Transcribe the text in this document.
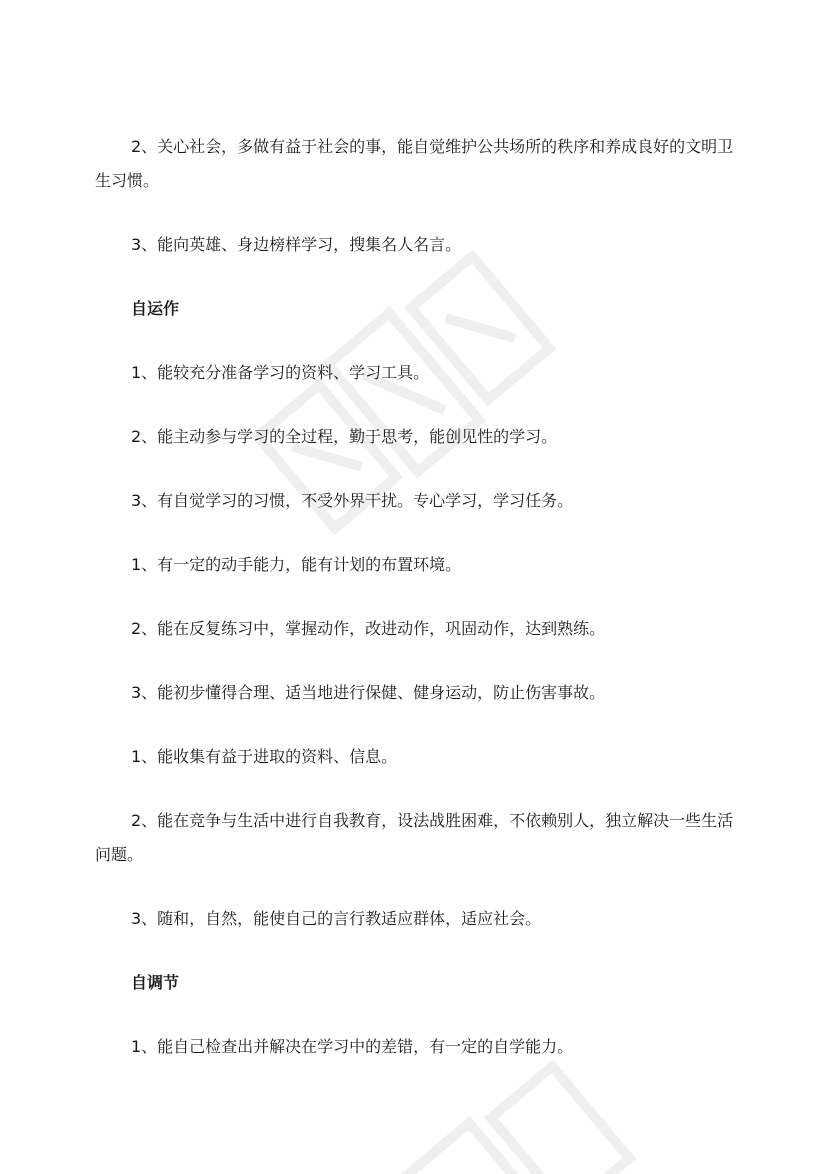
2、关心社会，多做有益于社会的事，能自觉维护公共场所的秩序和养成良好的文明卫生习惯。

3、能向英雄、身边榜样学习，搜集名人名言。

自运作

1、能较充分准备学习的资料、学习工具。

2、能主动参与学习的全过程，勤于思考，能创见性的学习。

3、有自觉学习的习惯，不受外界干扰。专心学习，学习任务。

1、有一定的动手能力，能有计划的布置环境。

2、能在反复练习中，掌握动作，改进动作，巩固动作，达到熟练。

3、能初步懂得合理、适当地进行保健、健身运动，防止伤害事故。

1、能收集有益于进取的资料、信息。

2、能在竞争与生活中进行自我教育，设法战胜困难，不依赖别人，独立解决一些生活问题。

3、随和，自然，能使自己的言行教适应群体，适应社会。

自调节

1、能自己检查出并解决在学习中的差错，有一定的自学能力。
